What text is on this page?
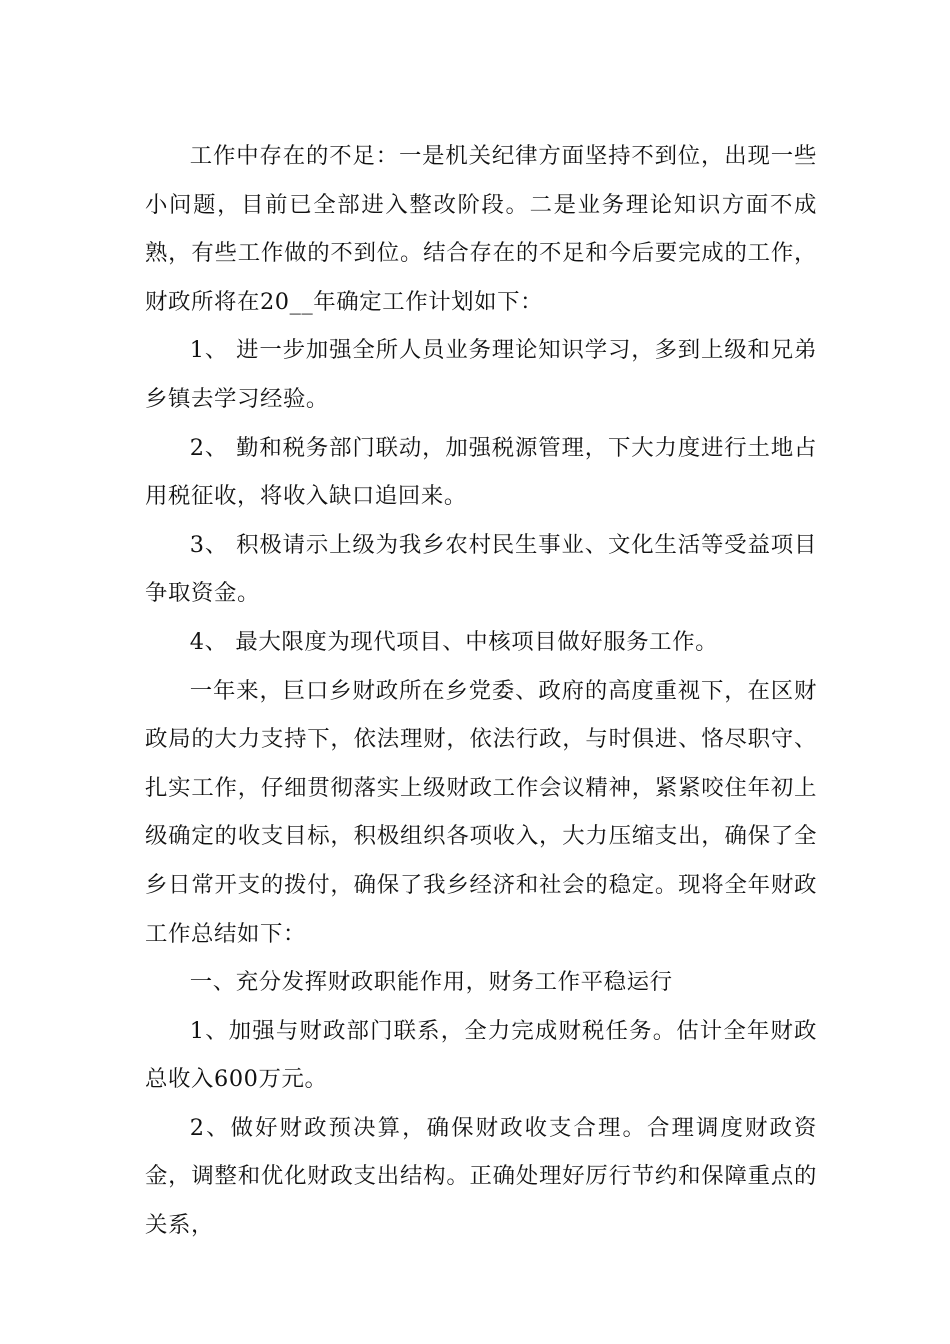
工作中存在的不足：一是机关纪律方面坚持不到位，出现一些小问题，目前已全部进入整改阶段。二是业务理论知识方面不成熟，有些工作做的不到位。结合存在的不足和今后要完成的工作，财政所将在20__年确定工作计划如下：

1、 进一步加强全所人员业务理论知识学习，多到上级和兄弟乡镇去学习经验。

2、 勤和税务部门联动，加强税源管理，下大力度进行土地占用税征收，将收入缺口追回来。

3、 积极请示上级为我乡农村民生事业、文化生活等受益项目争取资金。

4、 最大限度为现代项目、中核项目做好服务工作。

一年来，巨口乡财政所在乡党委、政府的高度重视下，在区财政局的大力支持下，依法理财，依法行政，与时俱进、恪尽职守、扎实工作，仔细贯彻落实上级财政工作会议精神，紧紧咬住年初上级确定的收支目标，积极组织各项收入，大力压缩支出，确保了全乡日常开支的拨付，确保了我乡经济和社会的稳定。现将全年财政工作总结如下：

一、充分发挥财政职能作用，财务工作平稳运行

1、加强与财政部门联系，全力完成财税任务。估计全年财政总收入600万元。

2、做好财政预决算，确保财政收支合理。合理调度财政资金，调整和优化财政支出结构。正确处理好厉行节约和保障重点的关系，
